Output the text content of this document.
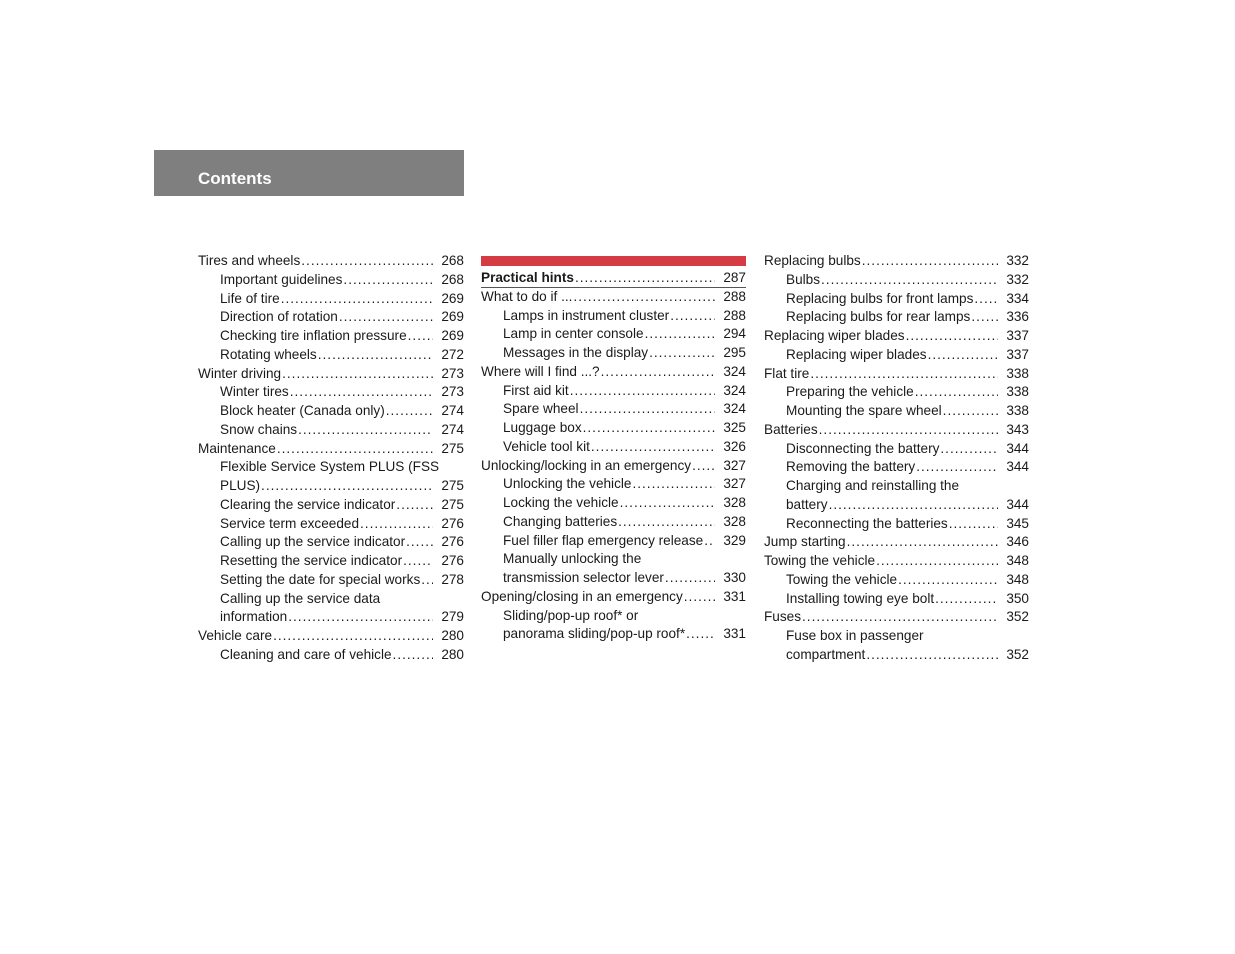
Contents
Tires and wheels .....	268
Important guidelines .....	268
Life of tire .....	269
Direction of rotation .....	269
Checking tire inflation pressure .....	269
Rotating wheels .....	272
Winter driving .....	273
Winter tires .....	273
Block heater (Canada only) .....	274
Snow chains .....	274
Maintenance .....	275
Flexible Service System PLUS (FSS
PLUS) .....	275
Clearing the service indicator .....	275
Service term exceeded .....	276
Calling up the service indicator .....	276
Resetting the service indicator .....	276
Setting the date for special works ..... 278
Calling up the service data
information .....	279
Vehicle care .....	280
Cleaning and care of vehicle .....	280
Practical hints .....	287
What to do if ... .....	288
Lamps in instrument cluster .....	288
Lamp in center console .....	294
Messages in the display .....	295
Where will I find ...? .....	324
First aid kit .....	324
Spare wheel .....	324
Luggage box .....	325
Vehicle tool kit .....	326
Unlocking/locking in an emergency ..... 327
Unlocking the vehicle .....	327
Locking the vehicle .....	328
Changing batteries .....	328
Fuel filler flap emergency release ..... 329
Manually unlocking the
transmission selector lever .....	330
Opening/closing in an emergency .....	331
Sliding/pop-up roof* or
panorama sliding/pop-up roof* .....	331
Replacing bulbs .....	332
Bulbs .....	332
Replacing bulbs for front lamps ..... 334
Replacing bulbs for rear lamps .....	336
Replacing wiper blades .....	337
Replacing wiper blades .....	337
Flat tire .....	338
Preparing the vehicle .....	338
Mounting the spare wheel .....	338
Batteries .....	343
Disconnecting the battery .....	344
Removing the battery .....	344
Charging and reinstalling the
battery .....	344
Reconnecting the batteries .....	345
Jump starting .....	346
Towing the vehicle .....	348
Towing the vehicle .....	348
Installing towing eye bolt .....	350
Fuses .....	352
Fuse box in passenger
compartment .....	352
